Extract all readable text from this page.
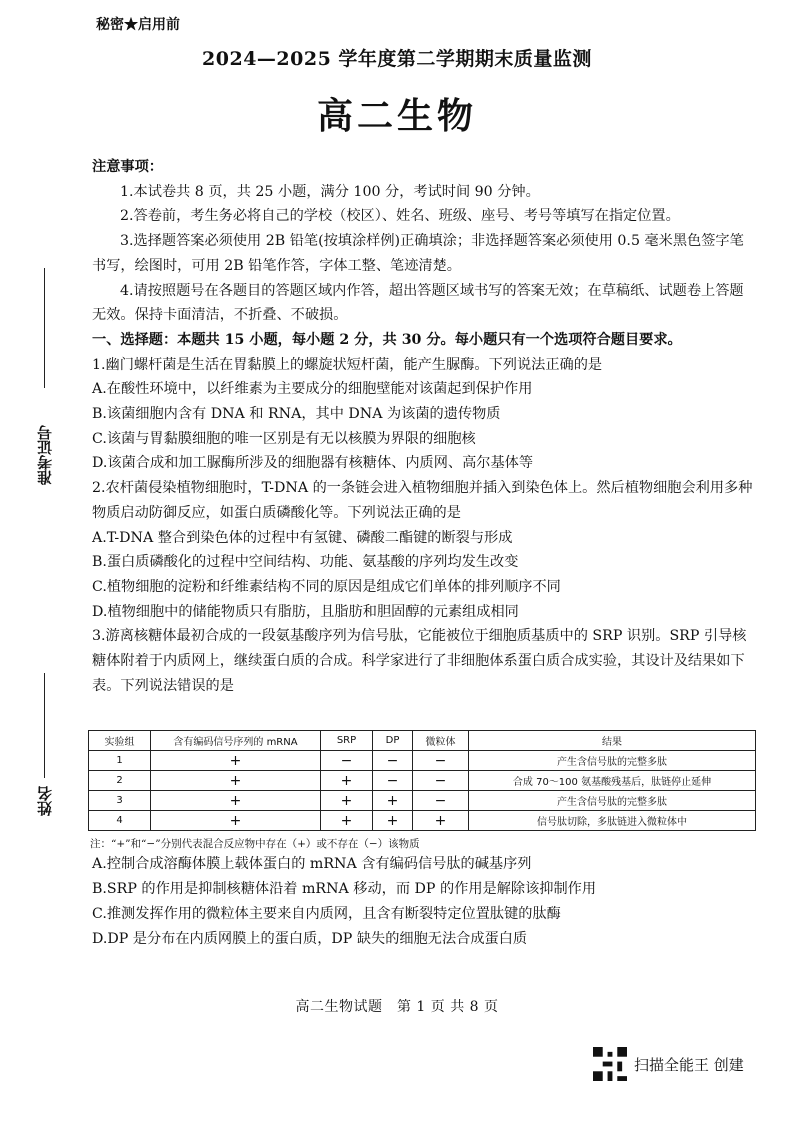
秘密★启用前
2024—2025 学年度第二学期期末质量监测
高二生物
准考证号
姓名

注意事项：

1.本试卷共 8 页，共 25 小题，满分 100 分，考试时间 90 分钟。

2.答卷前，考生务必将自己的学校（校区）、姓名、班级、座号、考号等填写在指定位置。

3.选择题答案必须使用 2B 铅笔(按填涂样例)正确填涂；非选择题答案必须使用 0.5 毫米黑色签字笔书写，绘图时，可用 2B 铅笔作答，字体工整、笔迹清楚。

4.请按照题号在各题目的答题区域内作答，超出答题区域书写的答案无效；在草稿纸、试题卷上答题无效。保持卡面清洁，不折叠、不破损。

一、选择题：本题共 15 小题，每小题 2 分，共 30 分。每小题只有一个选项符合题目要求。

1.幽门螺杆菌是生活在胃黏膜上的螺旋状短杆菌，能产生脲酶。下列说法正确的是

A.在酸性环境中，以纤维素为主要成分的细胞壁能对该菌起到保护作用

B.该菌细胞内含有 DNA 和 RNA，其中 DNA 为该菌的遗传物质

C.该菌与胃黏膜细胞的唯一区别是有无以核膜为界限的细胞核

D.该菌合成和加工脲酶所涉及的细胞器有核糖体、内质网、高尔基体等

2.农杆菌侵染植物细胞时，T-DNA 的一条链会进入植物细胞并插入到染色体上。然后植物细胞会利用多种物质启动防御反应，如蛋白质磷酸化等。下列说法正确的是

A.T-DNA 整合到染色体的过程中有氢键、磷酸二酯键的断裂与形成

B.蛋白质磷酸化的过程中空间结构、功能、氨基酸的序列均发生改变

C.植物细胞的淀粉和纤维素结构不同的原因是组成它们单体的排列顺序不同

D.植物细胞中的储能物质只有脂肪，且脂肪和胆固醇的元素组成相同

3.游离核糖体最初合成的一段氨基酸序列为信号肽，它能被位于细胞质基质中的 SRP 识别。SRP 引导核糖体附着于内质网上，继续蛋白质的合成。科学家进行了非细胞体系蛋白质合成实验，其设计及结果如下表。下列说法错误的是

实验组	含有编码信号序列的 mRNA	SRP	DP	微粒体	结果
1	+	−	−	−	产生含信号肽的完整多肽
2	+	+	−	−	合成 70～100 氨基酸残基后，肽链停止延伸
3	+	+	+	−	产生含信号肽的完整多肽
4	+	+	+	+	信号肽切除，多肽链进入微粒体中
注：“+”和“−”分别代表混合反应物中存在（+）或不存在（−）该物质

A.控制合成溶酶体膜上载体蛋白的 mRNA 含有编码信号肽的碱基序列

B.SRP 的作用是抑制核糖体沿着 mRNA 移动，而 DP 的作用是解除该抑制作用

C.推测发挥作用的微粒体主要来自内质网，且含有断裂特定位置肽键的肽酶

D.DP 是分布在内质网膜上的蛋白质，DP 缺失的细胞无法合成蛋白质

高二生物试题　第 1 页 共 8 页
扫描全能王 创建
